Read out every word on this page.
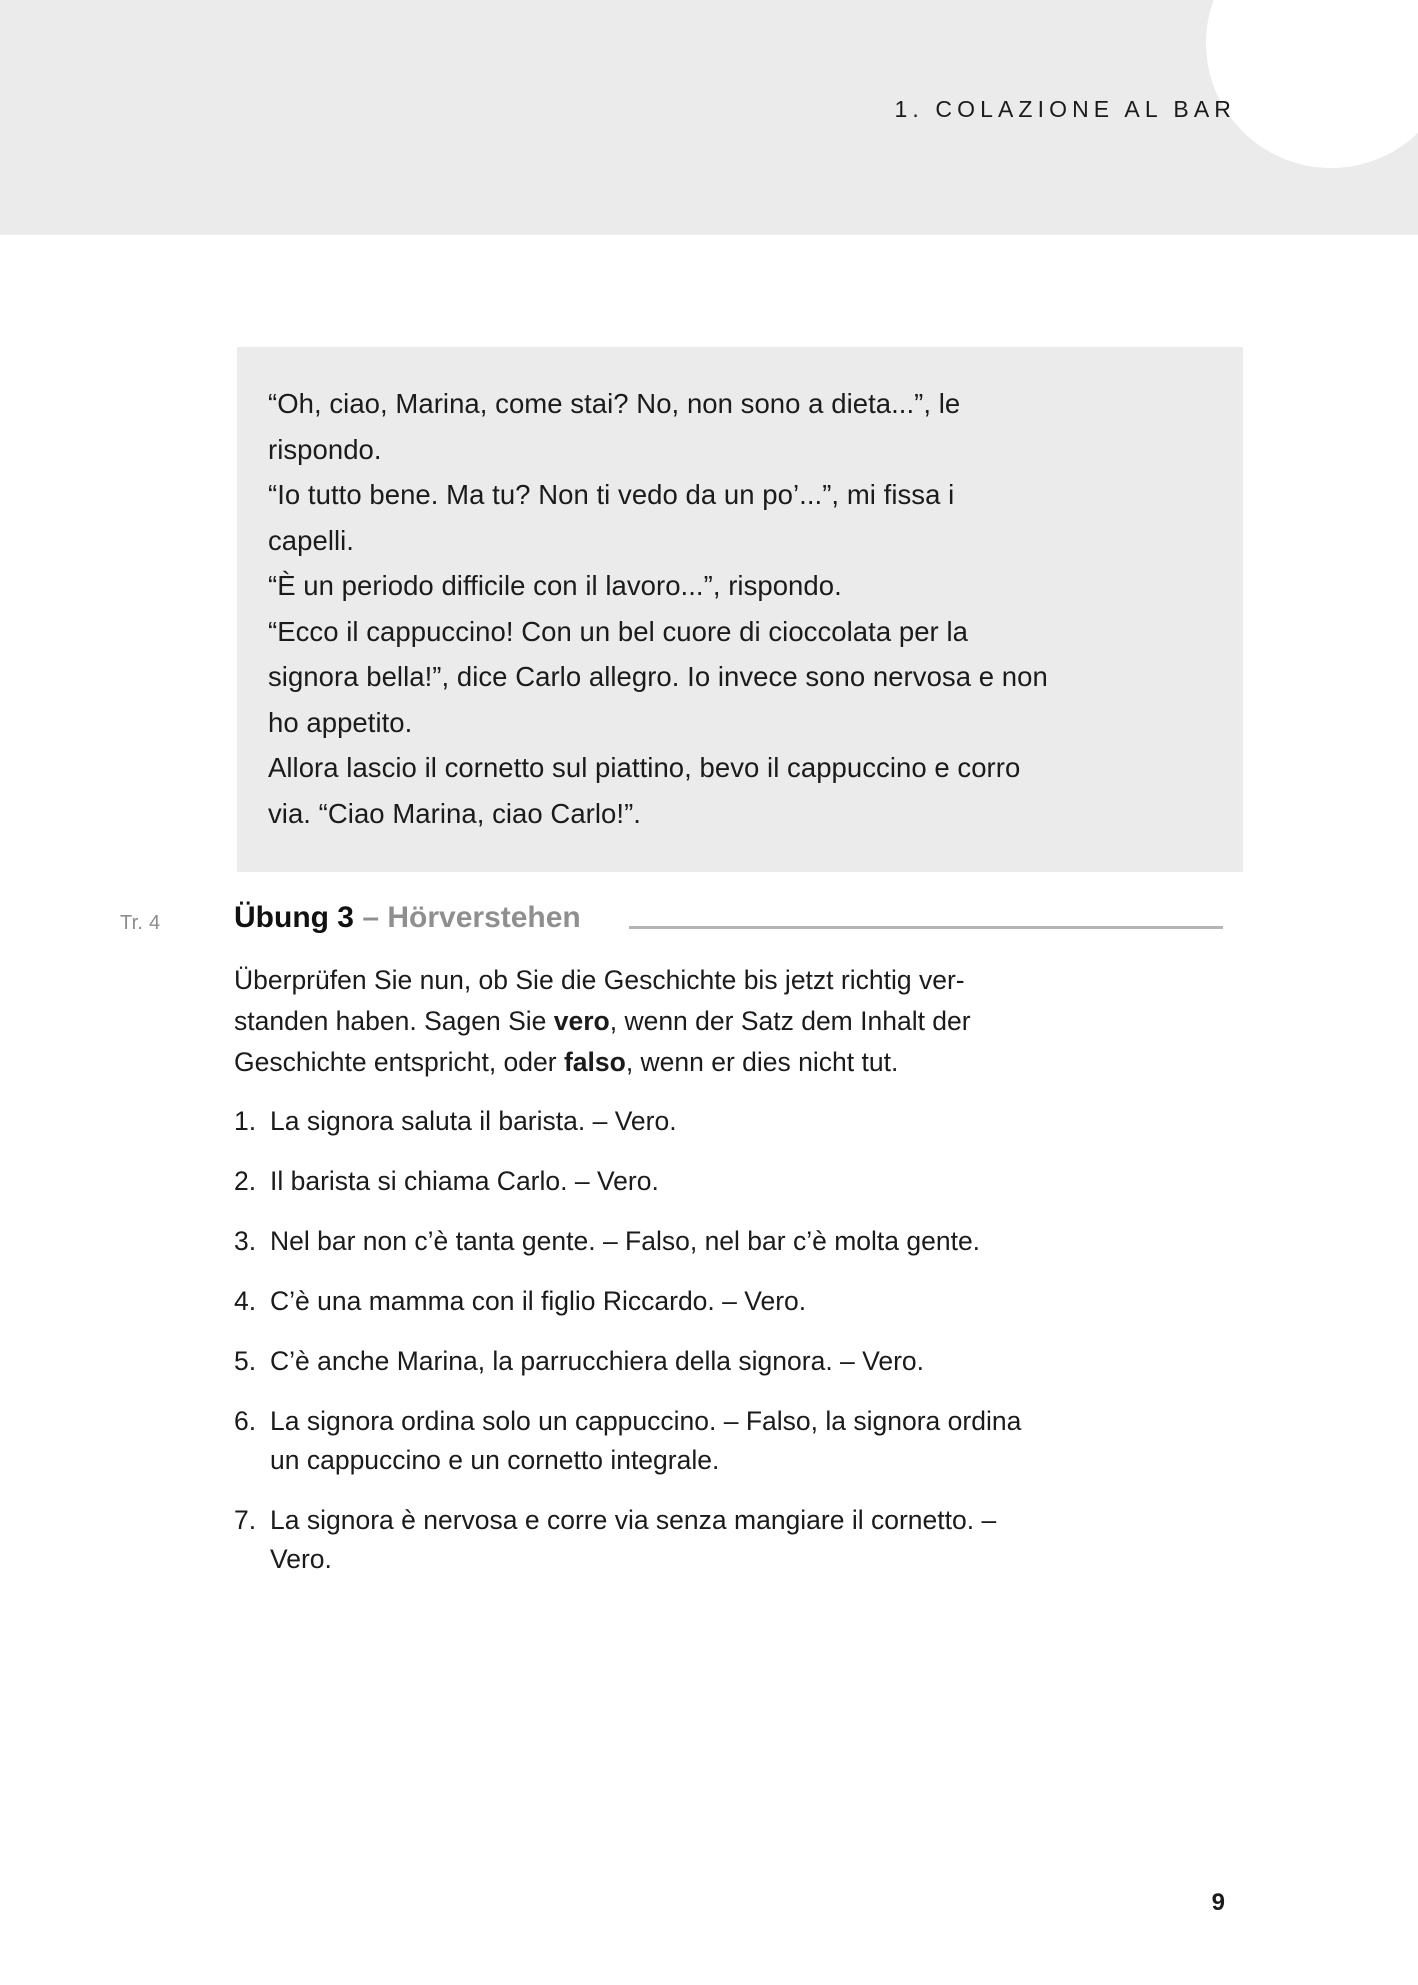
1. COLAZIONE AL BAR
“Oh, ciao, Marina, come stai? No, non sono a dieta...”, le
rispondo.
“Io tutto bene. Ma tu? Non ti vedo da un po’...”, mi fissa i
capelli.
“È un periodo difficile con il lavoro...”, rispondo.
“Ecco il cappuccino! Con un bel cuore di cioccolata per la
signora bella!”, dice Carlo allegro. Io invece sono nervosa e non
ho appetito.
Allora lascio il cornetto sul piattino, bevo il cappuccino e corro
via. “Ciao Marina, ciao Carlo!”.
Tr. 4 Übung 3 – Hörverstehen
Überprüfen Sie nun, ob Sie die Geschichte bis jetzt richtig ver-standen haben. Sagen Sie vero, wenn der Satz dem Inhalt der Geschichte entspricht, oder falso, wenn er dies nicht tut.
1. La signora saluta il barista. – Vero.
2. Il barista si chiama Carlo. – Vero.
3. Nel bar non c’è tanta gente. – Falso, nel bar c’è molta gente.
4. C’è una mamma con il figlio Riccardo. – Vero.
5. C’è anche Marina, la parrucchiera della signora. – Vero.
6. La signora ordina solo un cappuccino. – Falso, la signora ordina un cappuccino e un cornetto integrale.
7. La signora è nervosa e corre via senza mangiare il cornetto. – Vero.
9
